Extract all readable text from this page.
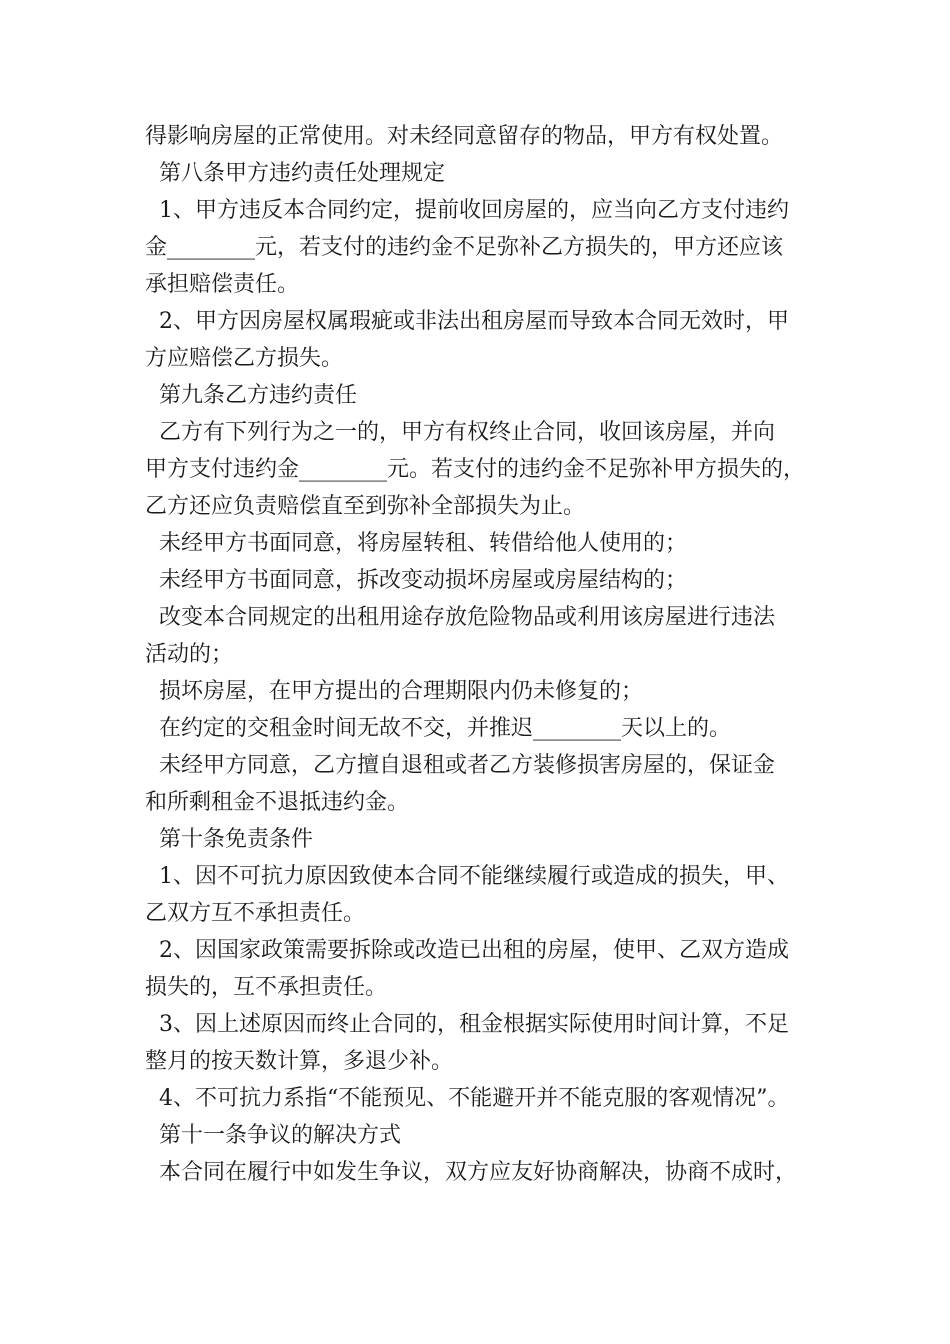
得影响房屋的正常使用。对未经同意留存的物品，甲方有权处置。
第八条甲方违约责任处理规定
1、甲方违反本合同约定，提前收回房屋的，应当向乙方支付违约
金________元，若支付的违约金不足弥补乙方损失的，甲方还应该
承担赔偿责任。
2、甲方因房屋权属瑕疵或非法出租房屋而导致本合同无效时，甲
方应赔偿乙方损失。
第九条乙方违约责任
乙方有下列行为之一的，甲方有权终止合同，收回该房屋，并向
甲方支付违约金________元。若支付的违约金不足弥补甲方损失的，
乙方还应负责赔偿直至到弥补全部损失为止。
未经甲方书面同意，将房屋转租、转借给他人使用的；
未经甲方书面同意，拆改变动损坏房屋或房屋结构的；
改变本合同规定的出租用途存放危险物品或利用该房屋进行违法
活动的；
损坏房屋，在甲方提出的合理期限内仍未修复的；
在约定的交租金时间无故不交，并推迟________天以上的。
未经甲方同意，乙方擅自退租或者乙方装修损害房屋的，保证金
和所剩租金不退抵违约金。
第十条免责条件
1、因不可抗力原因致使本合同不能继续履行或造成的损失，甲、
乙双方互不承担责任。
2、因国家政策需要拆除或改造已出租的房屋，使甲、乙双方造成
损失的，互不承担责任。
3、因上述原因而终止合同的，租金根据实际使用时间计算，不足
整月的按天数计算，多退少补。
4、不可抗力系指“不能预见、不能避开并不能克服的客观情况”。
第十一条争议的解决方式
本合同在履行中如发生争议，双方应友好协商解决，协商不成时，
